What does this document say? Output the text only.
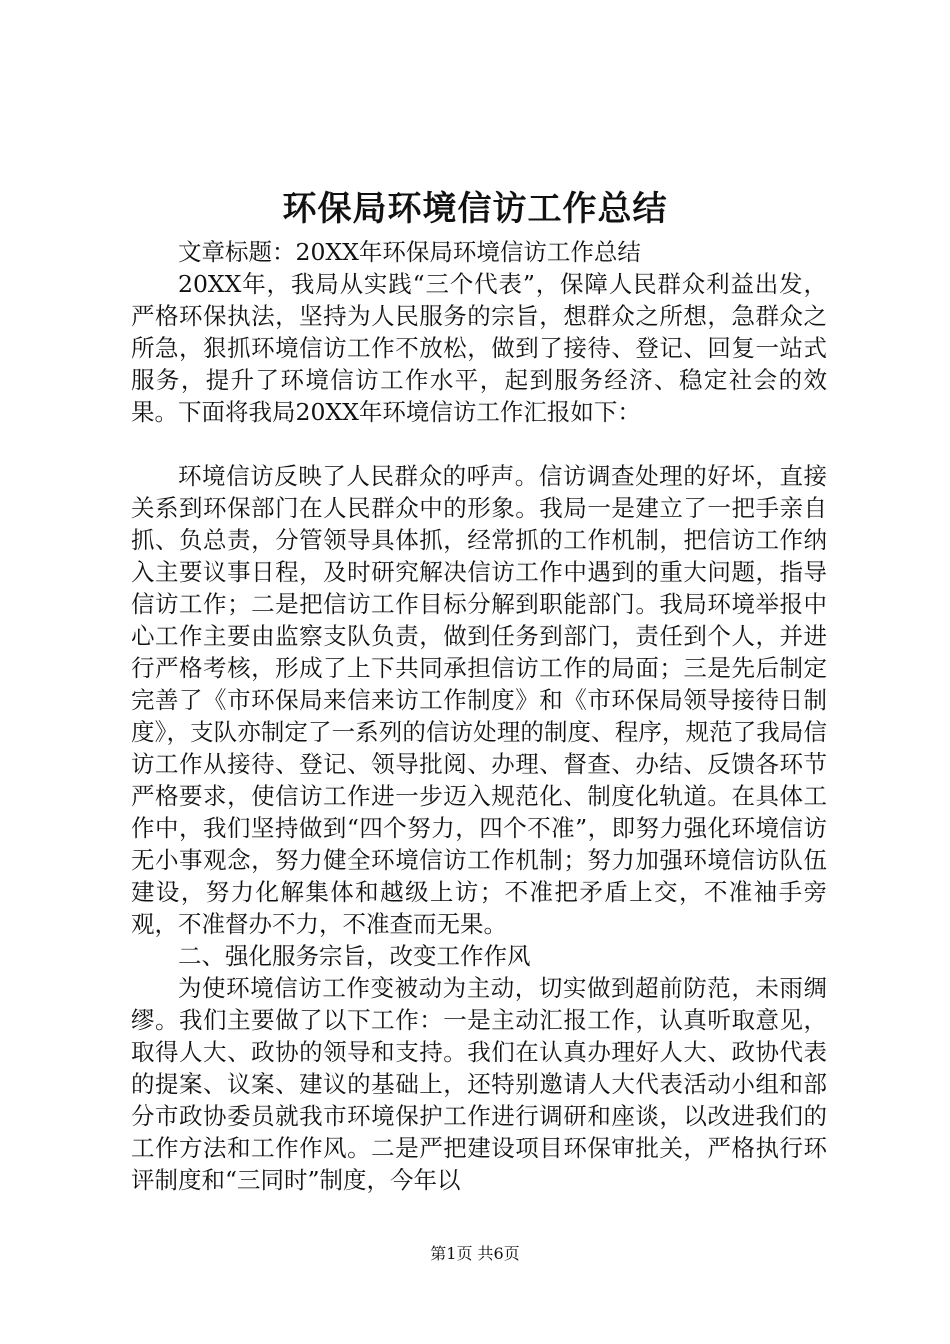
环保局环境信访工作总结

文章标题：20XX年环保局环境信访工作总结

20XX年，我局从实践“三个代表”，保障人民群众利益出发，严格环保执法，坚持为人民服务的宗旨，想群众之所想，急群众之所急，狠抓环境信访工作不放松，做到了接待、登记、回复一站式服务，提升了环境信访工作水平，起到服务经济、稳定社会的效果。下面将我局20XX年环境信访工作汇报如下：

环境信访反映了人民群众的呼声。信访调查处理的好坏，直接关系到环保部门在人民群众中的形象。我局一是建立了一把手亲自抓、负总责，分管领导具体抓，经常抓的工作机制，把信访工作纳入主要议事日程，及时研究解决信访工作中遇到的重大问题，指导信访工作；二是把信访工作目标分解到职能部门。我局环境举报中心工作主要由监察支队负责，做到任务到部门，责任到个人，并进行严格考核，形成了上下共同承担信访工作的局面；三是先后制定完善了《市环保局来信来访工作制度》和《市环保局领导接待日制度》，支队亦制定了一系列的信访处理的制度、程序，规范了我局信访工作从接待、登记、领导批阅、办理、督查、办结、反馈各环节严格要求，使信访工作进一步迈入规范化、制度化轨道。在具体工作中，我们坚持做到“四个努力，四个不准”，即努力强化环境信访无小事观念，努力健全环境信访工作机制；努力加强环境信访队伍建设，努力化解集体和越级上访；不准把矛盾上交，不准袖手旁观，不准督办不力，不准查而无果。

二、强化服务宗旨，改变工作作风

为使环境信访工作变被动为主动，切实做到超前防范，未雨绸缪。我们主要做了以下工作：一是主动汇报工作，认真听取意见，取得人大、政协的领导和支持。我们在认真办理好人大、政协代表的提案、议案、建议的基础上，还特别邀请人大代表活动小组和部分市政协委员就我市环境保护工作进行调研和座谈，以改进我们的工作方法和工作作风。二是严把建设项目环保审批关，严格执行环评制度和“三同时”制度，今年以

第1页 共6页
